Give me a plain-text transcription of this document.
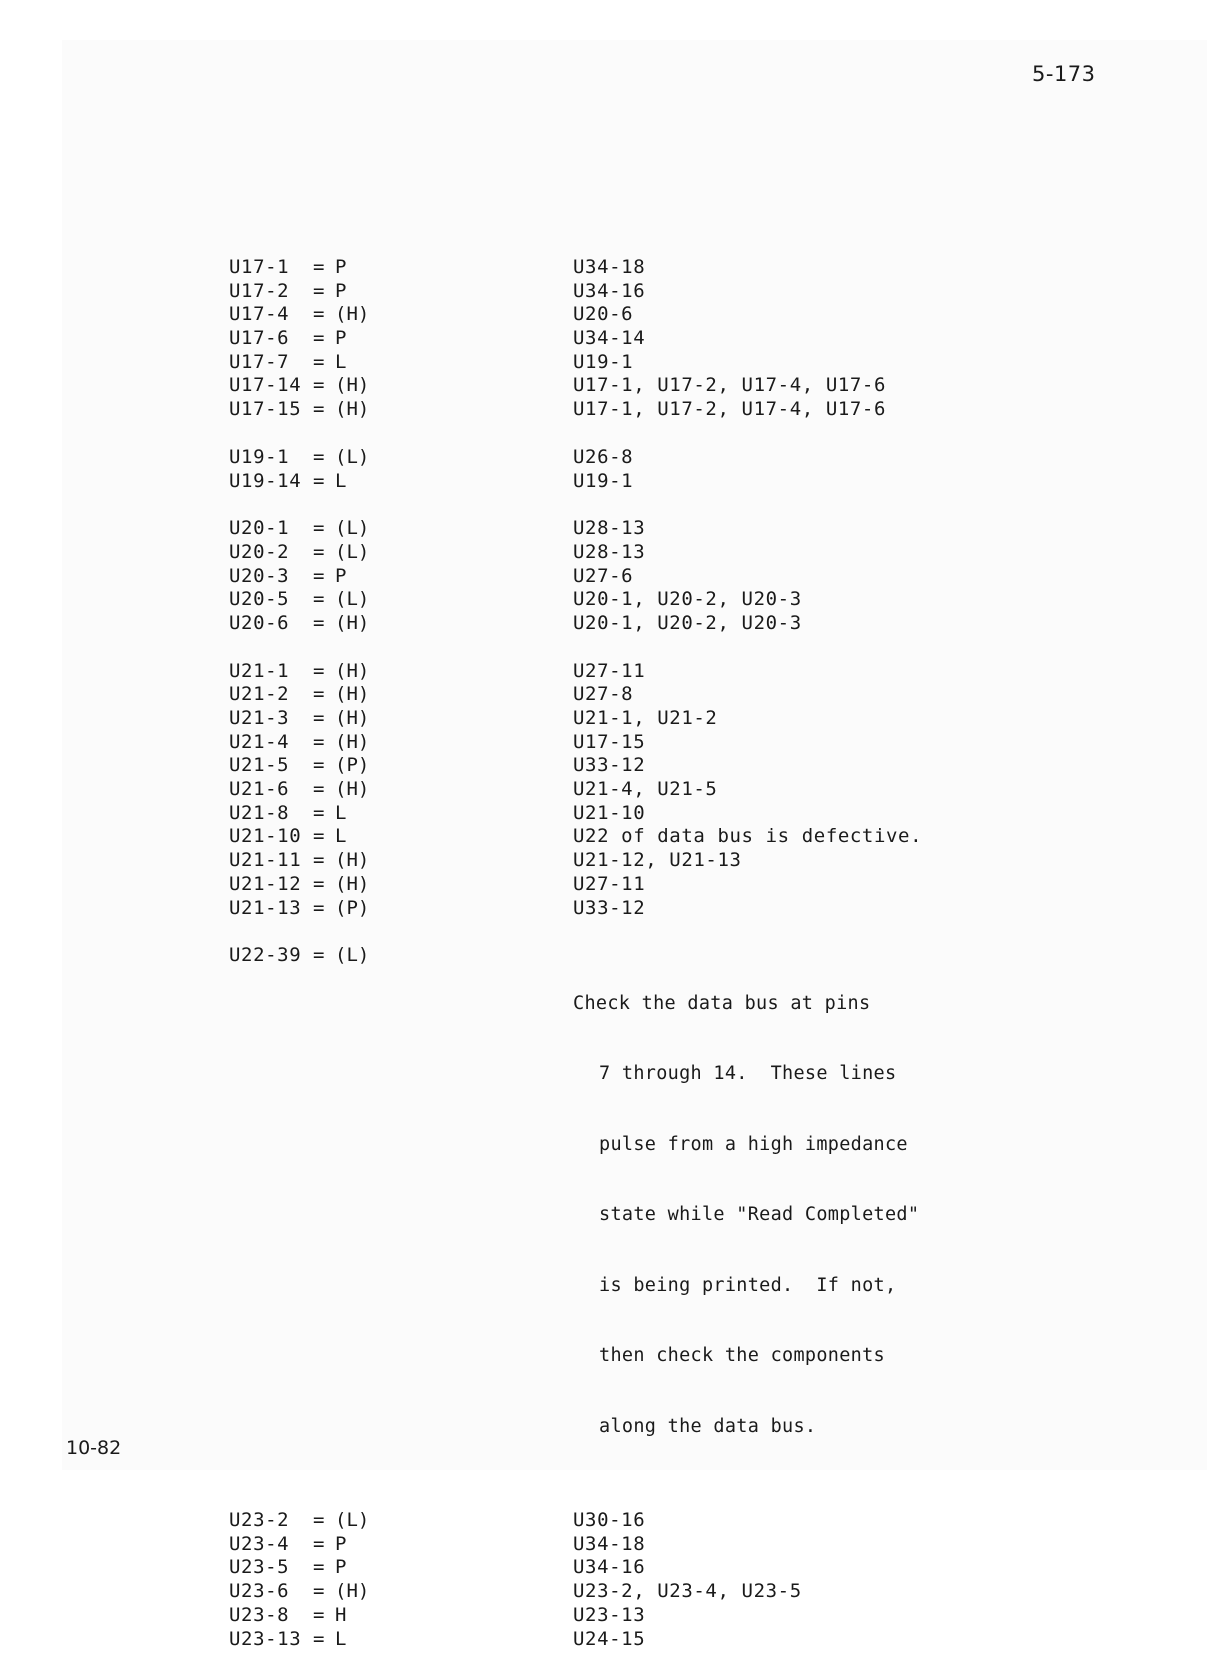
5-173
U17-1	= P	U34-18
U17-2	= P	U34-16
U17-4	= (H)	U20-6
U17-6	= P	U34-14
U17-7	= L	U19-1
U17-14 = (H)	U17-1, U17-2, U17-4, U17-6
U17-15 = (H)	U17-1, U17-2, U17-4, U17-6
U19-1	= (L)	U26-8
U19-14 = L	U19-1
U20-1	= (L)	U28-13
U20-2	= (L)	U28-13
U20-3	= P	U27-6
U20-5	= (L)	U20-1, U20-2, U20-3
U20-6	= (H)	U20-1, U20-2, U20-3
U21-1	= (H)	U27-11
U21-2	= (H)	U27-8
U21-3	= (H)	U21-1, U21-2
U21-4	= (H)	U17-15
U21-5	= (P)	U33-12
U21-6	= (H)	U21-4, U21-5
U21-8	= L	U21-10
U21-10 = L	U22 of data bus is defective.
U21-11 = (H)	U21-12, U21-13
U21-12 = (H)	U27-11
U21-13 = (P)	U33-12
U22-39 = (L)

Check the data bus at pins

7 through 14.  These lines

pulse from a high impedance

state while "Read Completed"

is being printed.  If not,

then check the components

along the data bus.

U23-2	= (L)	U30-16
U23-4	= P	U34-18
U23-5	= P	U34-16
U23-6	= (H)	U23-2, U23-4, U23-5
U23-8	= H	U23-13
U23-13 = L	U24-15
10-82
